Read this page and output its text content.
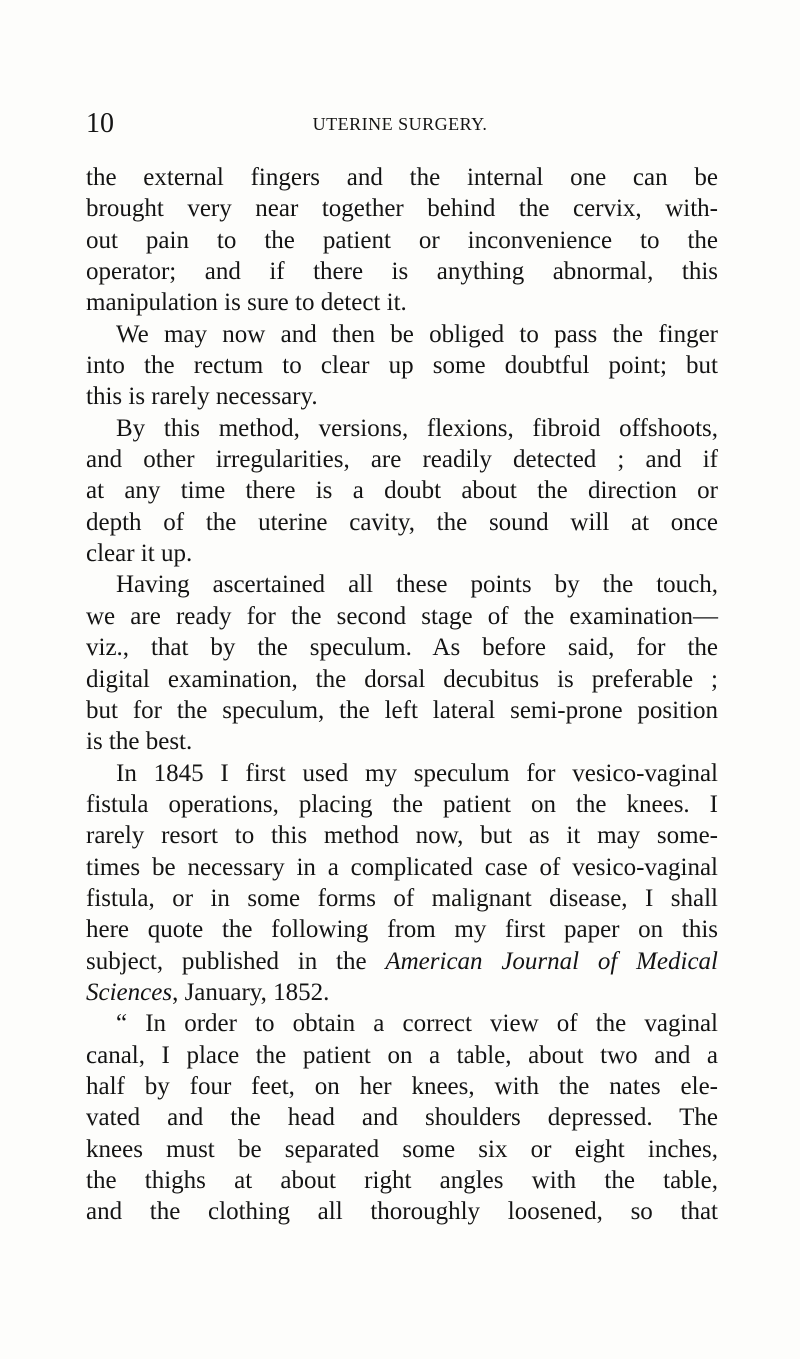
10	UTERINE SURGERY.
the external fingers and the internal one can be
brought very near together behind the cervix, with-
out pain to the patient or inconvenience to the
operator; and if there is anything abnormal, this
manipulation is sure to detect it.
We may now and then be obliged to pass the finger
into the rectum to clear up some doubtful point; but
this is rarely necessary.
By this method, versions, flexions, fibroid offshoots,
and other irregularities, are readily detected ; and if
at any time there is a doubt about the direction or
depth of the uterine cavity, the sound will at once
clear it up.
Having ascertained all these points by the touch,
we are ready for the second stage of the examination—
viz., that by the speculum. As before said, for the
digital examination, the dorsal decubitus is preferable ;
but for the speculum, the left lateral semi-prone position
is the best.
In 1845 I first used my speculum for vesico-vaginal
fistula operations, placing the patient on the knees. I
rarely resort to this method now, but as it may some-
times be necessary in a complicated case of vesico-vaginal
fistula, or in some forms of malignant disease, I shall
here quote the following from my first paper on this
subject, published in the American Journal of Medical
Sciences, January, 1852.
“ In order to obtain a correct view of the vaginal
canal, I place the patient on a table, about two and a
half by four feet, on her knees, with the nates ele-
vated and the head and shoulders depressed. The
knees must be separated some six or eight inches,
the thighs at about right angles with the table,
and the clothing all thoroughly loosened, so that
